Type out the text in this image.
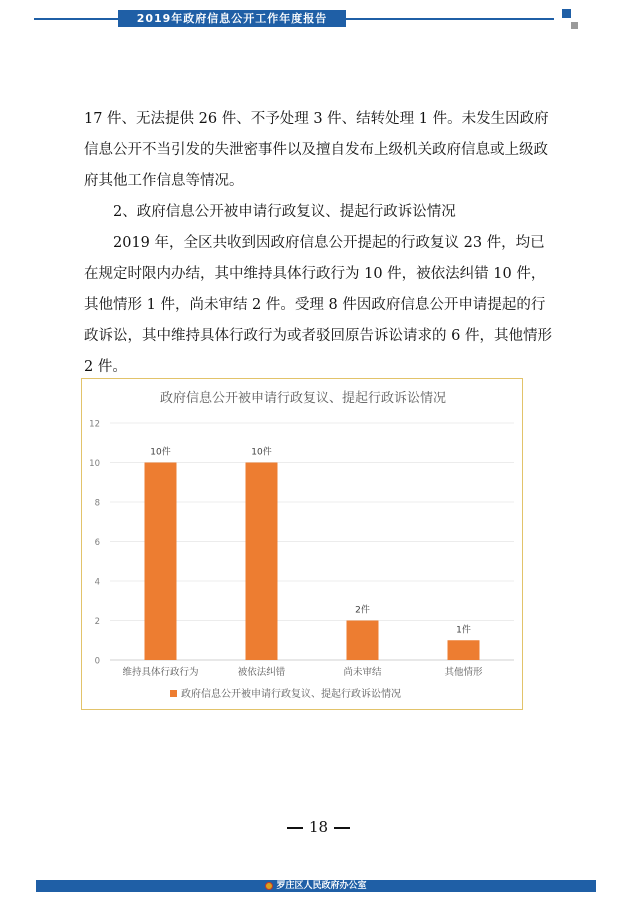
2019年政府信息公开工作年度报告

17 件、无法提供 26 件、不予处理 3 件、结转处理 1 件。未发生因政府信息公开不当引发的失泄密事件以及擅自发布上级机关政府信息或上级政府其他工作信息等情况。

2、政府信息公开被申请行政复议、提起行政诉讼情况

2019 年，全区共收到因政府信息公开提起的行政复议 23 件，均已在规定时限内办结，其中维持具体行政行为 10 件，被依法纠错 10 件，其他情形 1 件，尚未审结 2 件。受理 8 件因政府信息公开申请提起的行政诉讼，其中维持具体行政行为或者驳回原告诉讼请求的 6 件，其他情形 2 件。

政府信息公开被申请行政复议、提起行政诉讼情况
0
2
4
6
8
10
12
10件	10件
2件
1件
维持具体行政行为	被依法纠错	尚未审结	其他情形
政府信息公开被申请行政复议、提起行政诉讼情况
18
罗庄区人民政府办公室
